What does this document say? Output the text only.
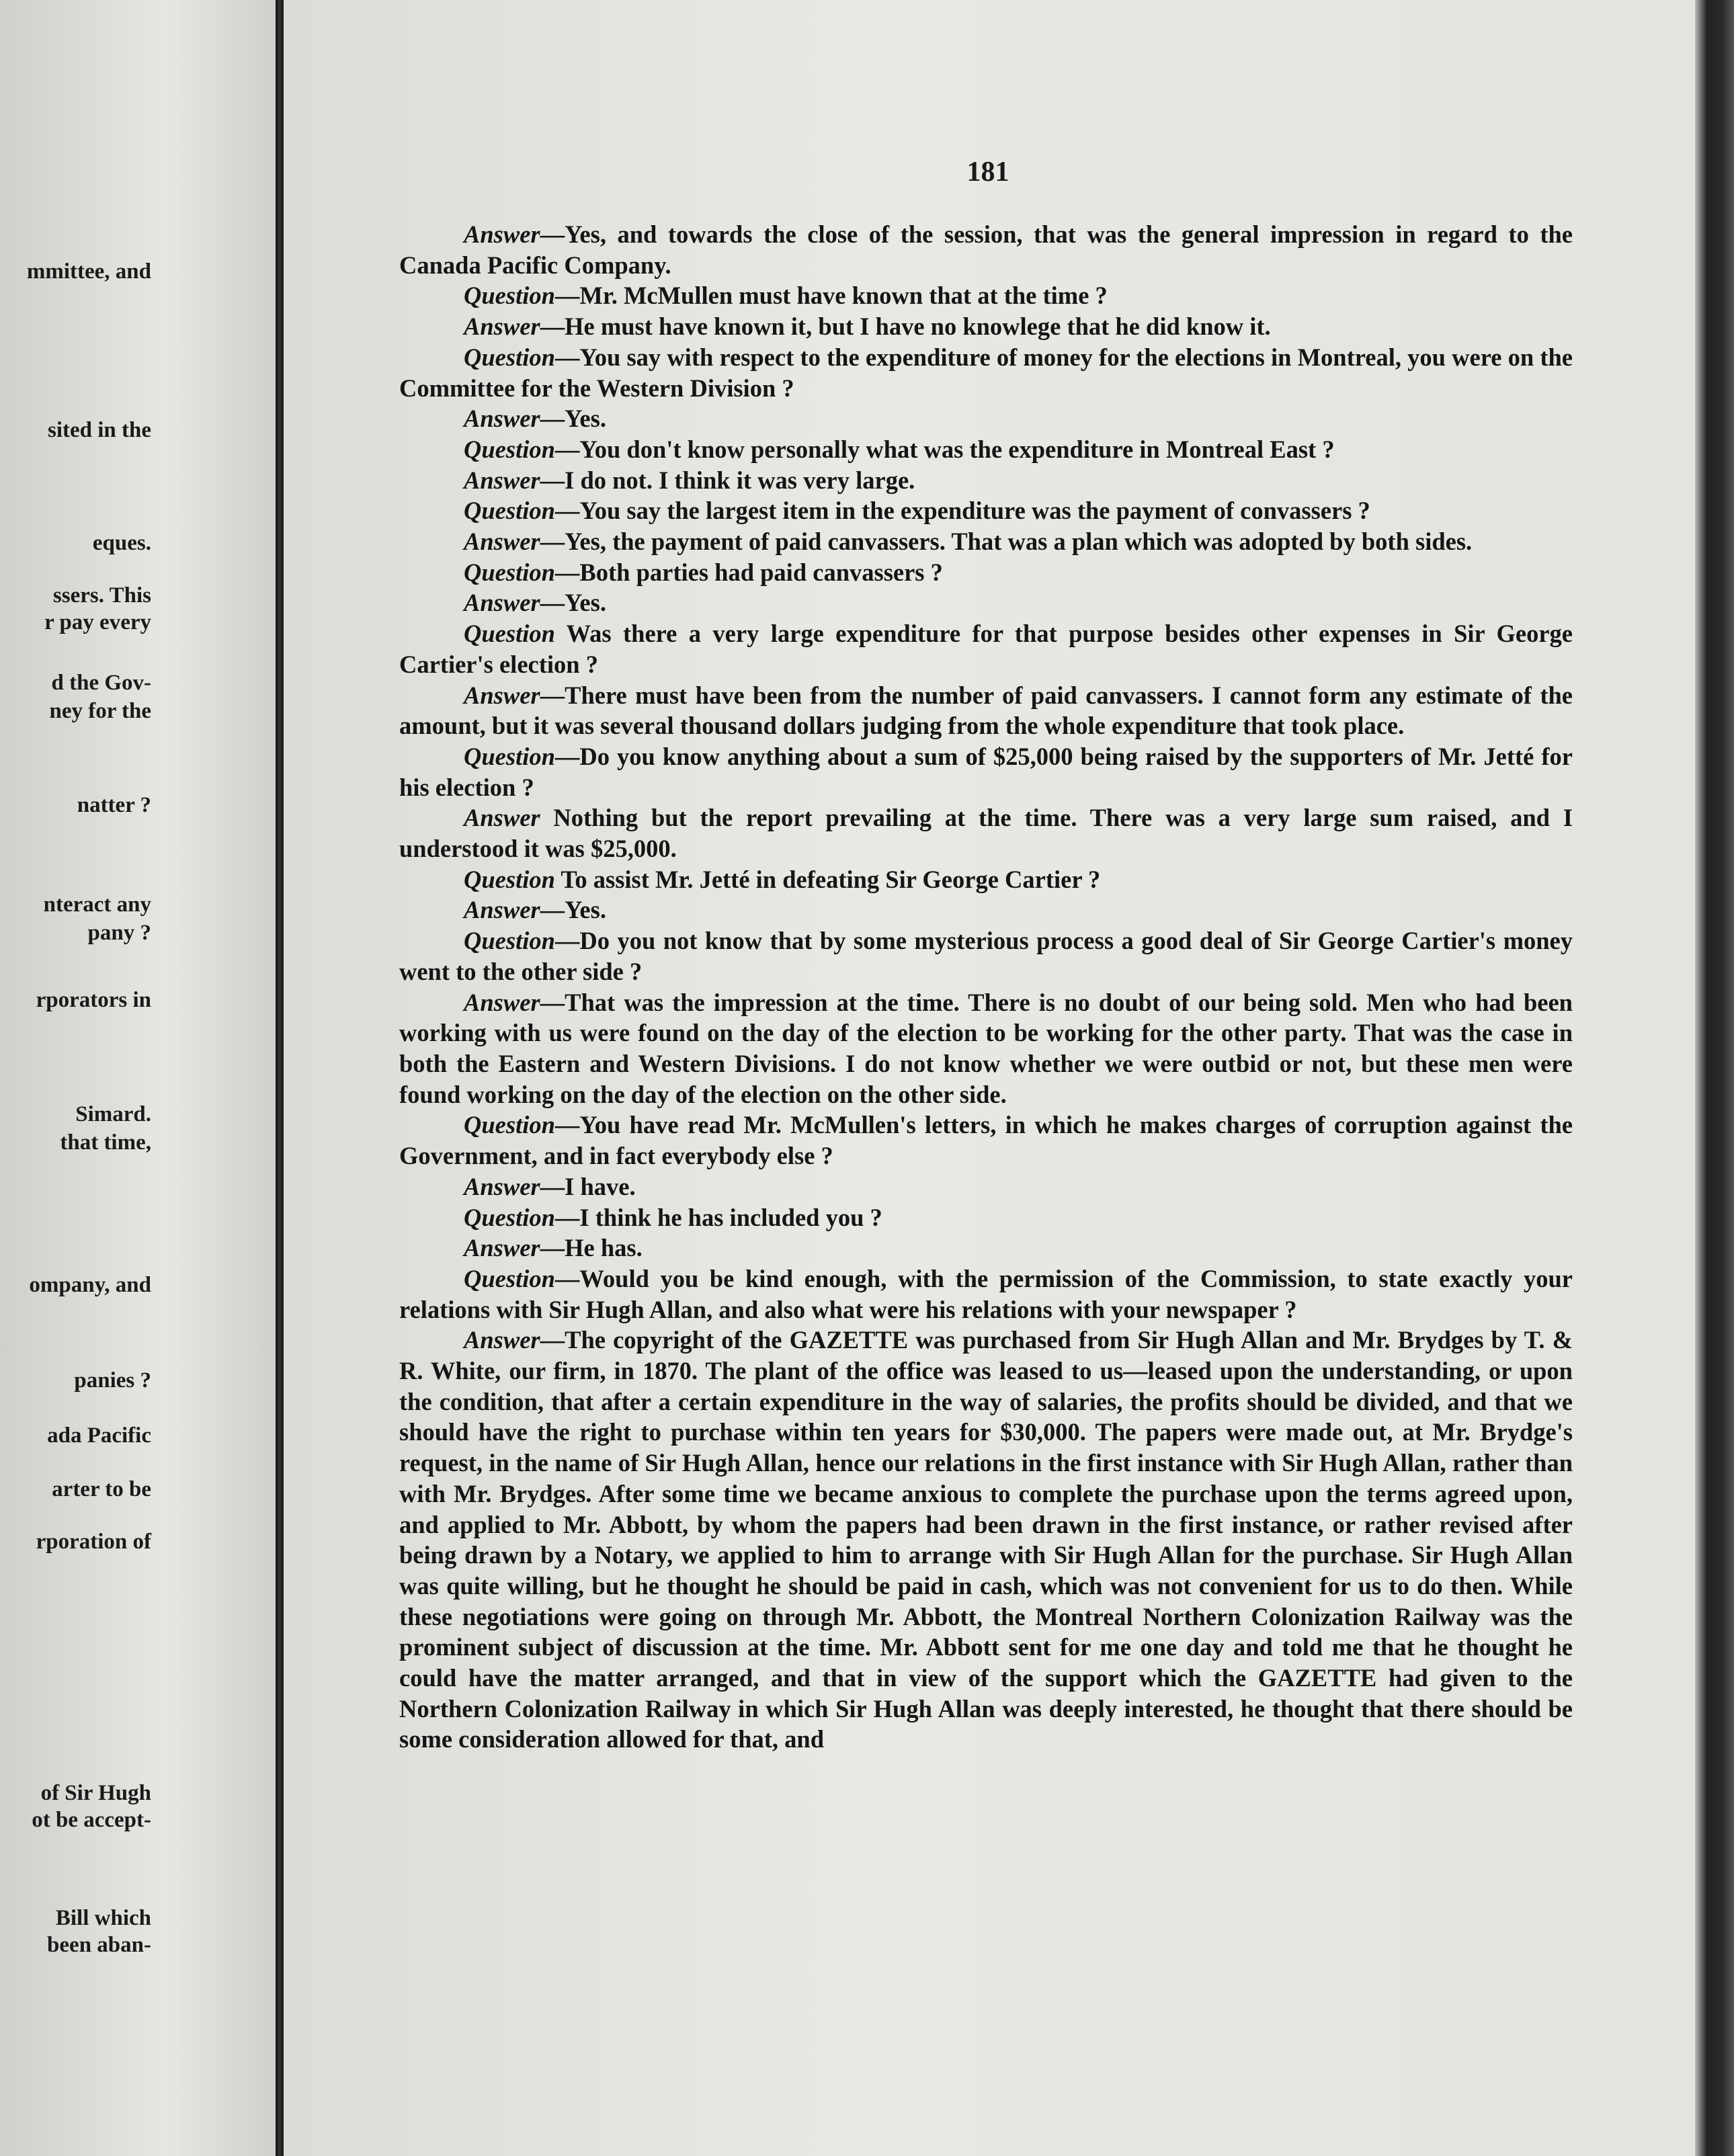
mmittee, and
sited in the
eques.
ssers. This
r pay every
d the Gov-
ney for the
natter ?
nteract any
pany ?
rporators in
Simard.
that time,
ompany, and
panies ?
ada Pacific
arter to be
rporation of
of Sir Hugh
ot be accept-
Bill which
been aban-
181

Answer—Yes, and towards the close of the session, that was the general impression in regard to the Canada Pacific Company.

Question—Mr. McMullen must have known that at the time ?

Answer—He must have known it, but I have no knowlege that he did know it.

Question—You say with respect to the expenditure of money for the elections in Montreal, you were on the Committee for the Western Division ?

Answer—Yes.

Question—You don't know personally what was the expenditure in Montreal East ?

Answer—I do not. I think it was very large.

Question—You say the largest item in the expenditure was the payment of convassers ?

Answer—Yes, the payment of paid canvassers. That was a plan which was adopted by both sides.

Question—Both parties had paid canvassers ?

Answer—Yes.

Question Was there a very large expenditure for that purpose besides other expenses in Sir George Cartier's election ?

Answer—There must have been from the number of paid canvassers. I cannot form any estimate of the amount, but it was several thousand dollars judging from the whole expenditure that took place.

Question—Do you know anything about a sum of $25,000 being raised by the supporters of Mr. Jetté for his election ?

Answer Nothing but the report prevailing at the time. There was a very large sum raised, and I understood it was $25,000.

Question To assist Mr. Jetté in defeating Sir George Cartier ?

Answer—Yes.

Question—Do you not know that by some mysterious process a good deal of Sir George Cartier's money went to the other side ?

Answer—That was the impression at the time. There is no doubt of our being sold. Men who had been working with us were found on the day of the election to be working for the other party. That was the case in both the Eastern and Western Divisions. I do not know whether we were outbid or not, but these men were found working on the day of the election on the other side.

Question—You have read Mr. McMullen's letters, in which he makes charges of corruption against the Government, and in fact everybody else ?

Answer—I have.

Question—I think he has included you ?

Answer—He has.

Question—Would you be kind enough, with the permission of the Commission, to state exactly your relations with Sir Hugh Allan, and also what were his relations with your newspaper ?

Answer—The copyright of the GAZETTE was purchased from Sir Hugh Allan and Mr. Brydges by T. & R. White, our firm, in 1870. The plant of the office was leased to us—leased upon the understanding, or upon the condition, that after a certain expenditure in the way of salaries, the profits should be divided, and that we should have the right to purchase within ten years for $30,000. The papers were made out, at Mr. Brydge's request, in the name of Sir Hugh Allan, hence our relations in the first instance with Sir Hugh Allan, rather than with Mr. Brydges. After some time we became anxious to complete the purchase upon the terms agreed upon, and applied to Mr. Abbott, by whom the papers had been drawn in the first instance, or rather revised after being drawn by a Notary, we applied to him to arrange with Sir Hugh Allan for the purchase. Sir Hugh Allan was quite willing, but he thought he should be paid in cash, which was not convenient for us to do then. While these negotiations were going on through Mr. Abbott, the Montreal Northern Colonization Railway was the prominent subject of discussion at the time. Mr. Abbott sent for me one day and told me that he thought he could have the matter arranged, and that in view of the support which the GAZETTE had given to the Northern Colonization Railway in which Sir Hugh Allan was deeply interested, he thought that there should be some consideration allowed for that, and
